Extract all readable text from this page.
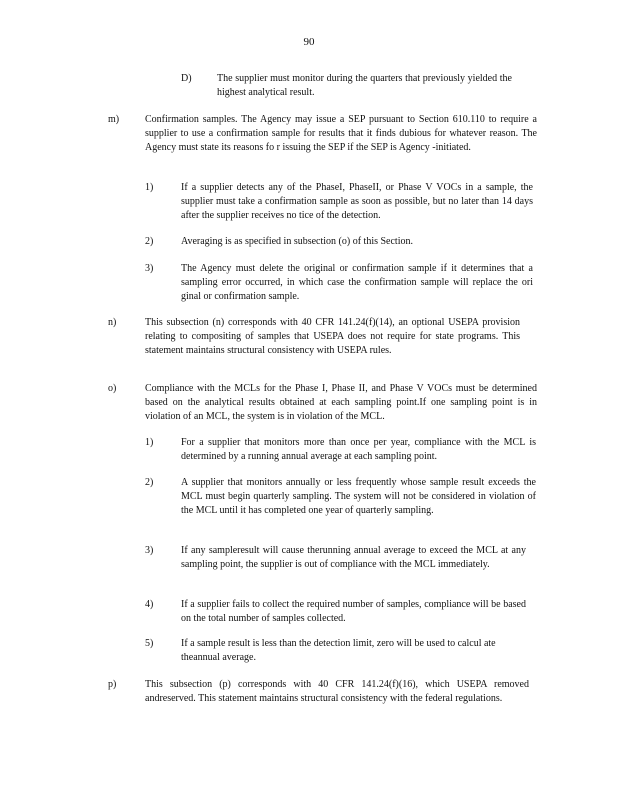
90
D)	The supplier must monitor during the quarters that previously yielded the highest analytical result.
m)	Confirmation samples. The Agency may issue a SEP pursuant to Section 610.110 to require a supplier to use a confirmation sample for results that it finds dubious for whatever reason. The Agency must state its reasons fo r issuing the SEP if the SEP is Agency -initiated.
1)	If a supplier detects any of the PhaseI, PhaseII, or Phase V VOCs in a sample, the supplier must take a confirmation sample as soon as possible, but no later than 14 days after the supplier receives no tice of the detection.
2)	Averaging is as specified in subsection (o) of this Section.
3)	The Agency must delete the original or confirmation sample if it determines that a sampling error occurred, in which case the confirmation sample will replace the ori ginal or confirmation sample.
n)	This subsection (n) corresponds with 40 CFR 141.24(f)(14), an optional USEPA provision relating to compositing of samples that USEPA does not require for state programs. This statement maintains structural consistency with USEPA rules.
o)	Compliance with the MCLs for the Phase I, Phase II, and Phase V VOCs must be determined based on the analytical results obtained at each sampling point.If one sampling point is in violation of an MCL, the system is in violation of the MCL.
1)	For a supplier that monitors more than once per year, compliance with the MCL is determined by a running annual average at each sampling point.
2)	A supplier that monitors annually or less frequently whose sample result exceeds the MCL must begin quarterly sampling. The system will not be considered in violation of the MCL until it has completed one year of quarterly sampling.
3)	If any sampleresult will cause therunning annual average to exceed the MCL at any sampling point, the supplier is out of compliance with the MCL immediately.
4)	If a supplier fails to collect the required number of samples, compliance will be based on the total number of samples collected.
5)	If a sample result is less than the detection limit, zero will be used to calcul ate theannual average.
p)	This subsection (p) corresponds with 40 CFR 141.24(f)(16), which USEPA removed andreserved. This statement maintains structural consistency with the federal regulations.
